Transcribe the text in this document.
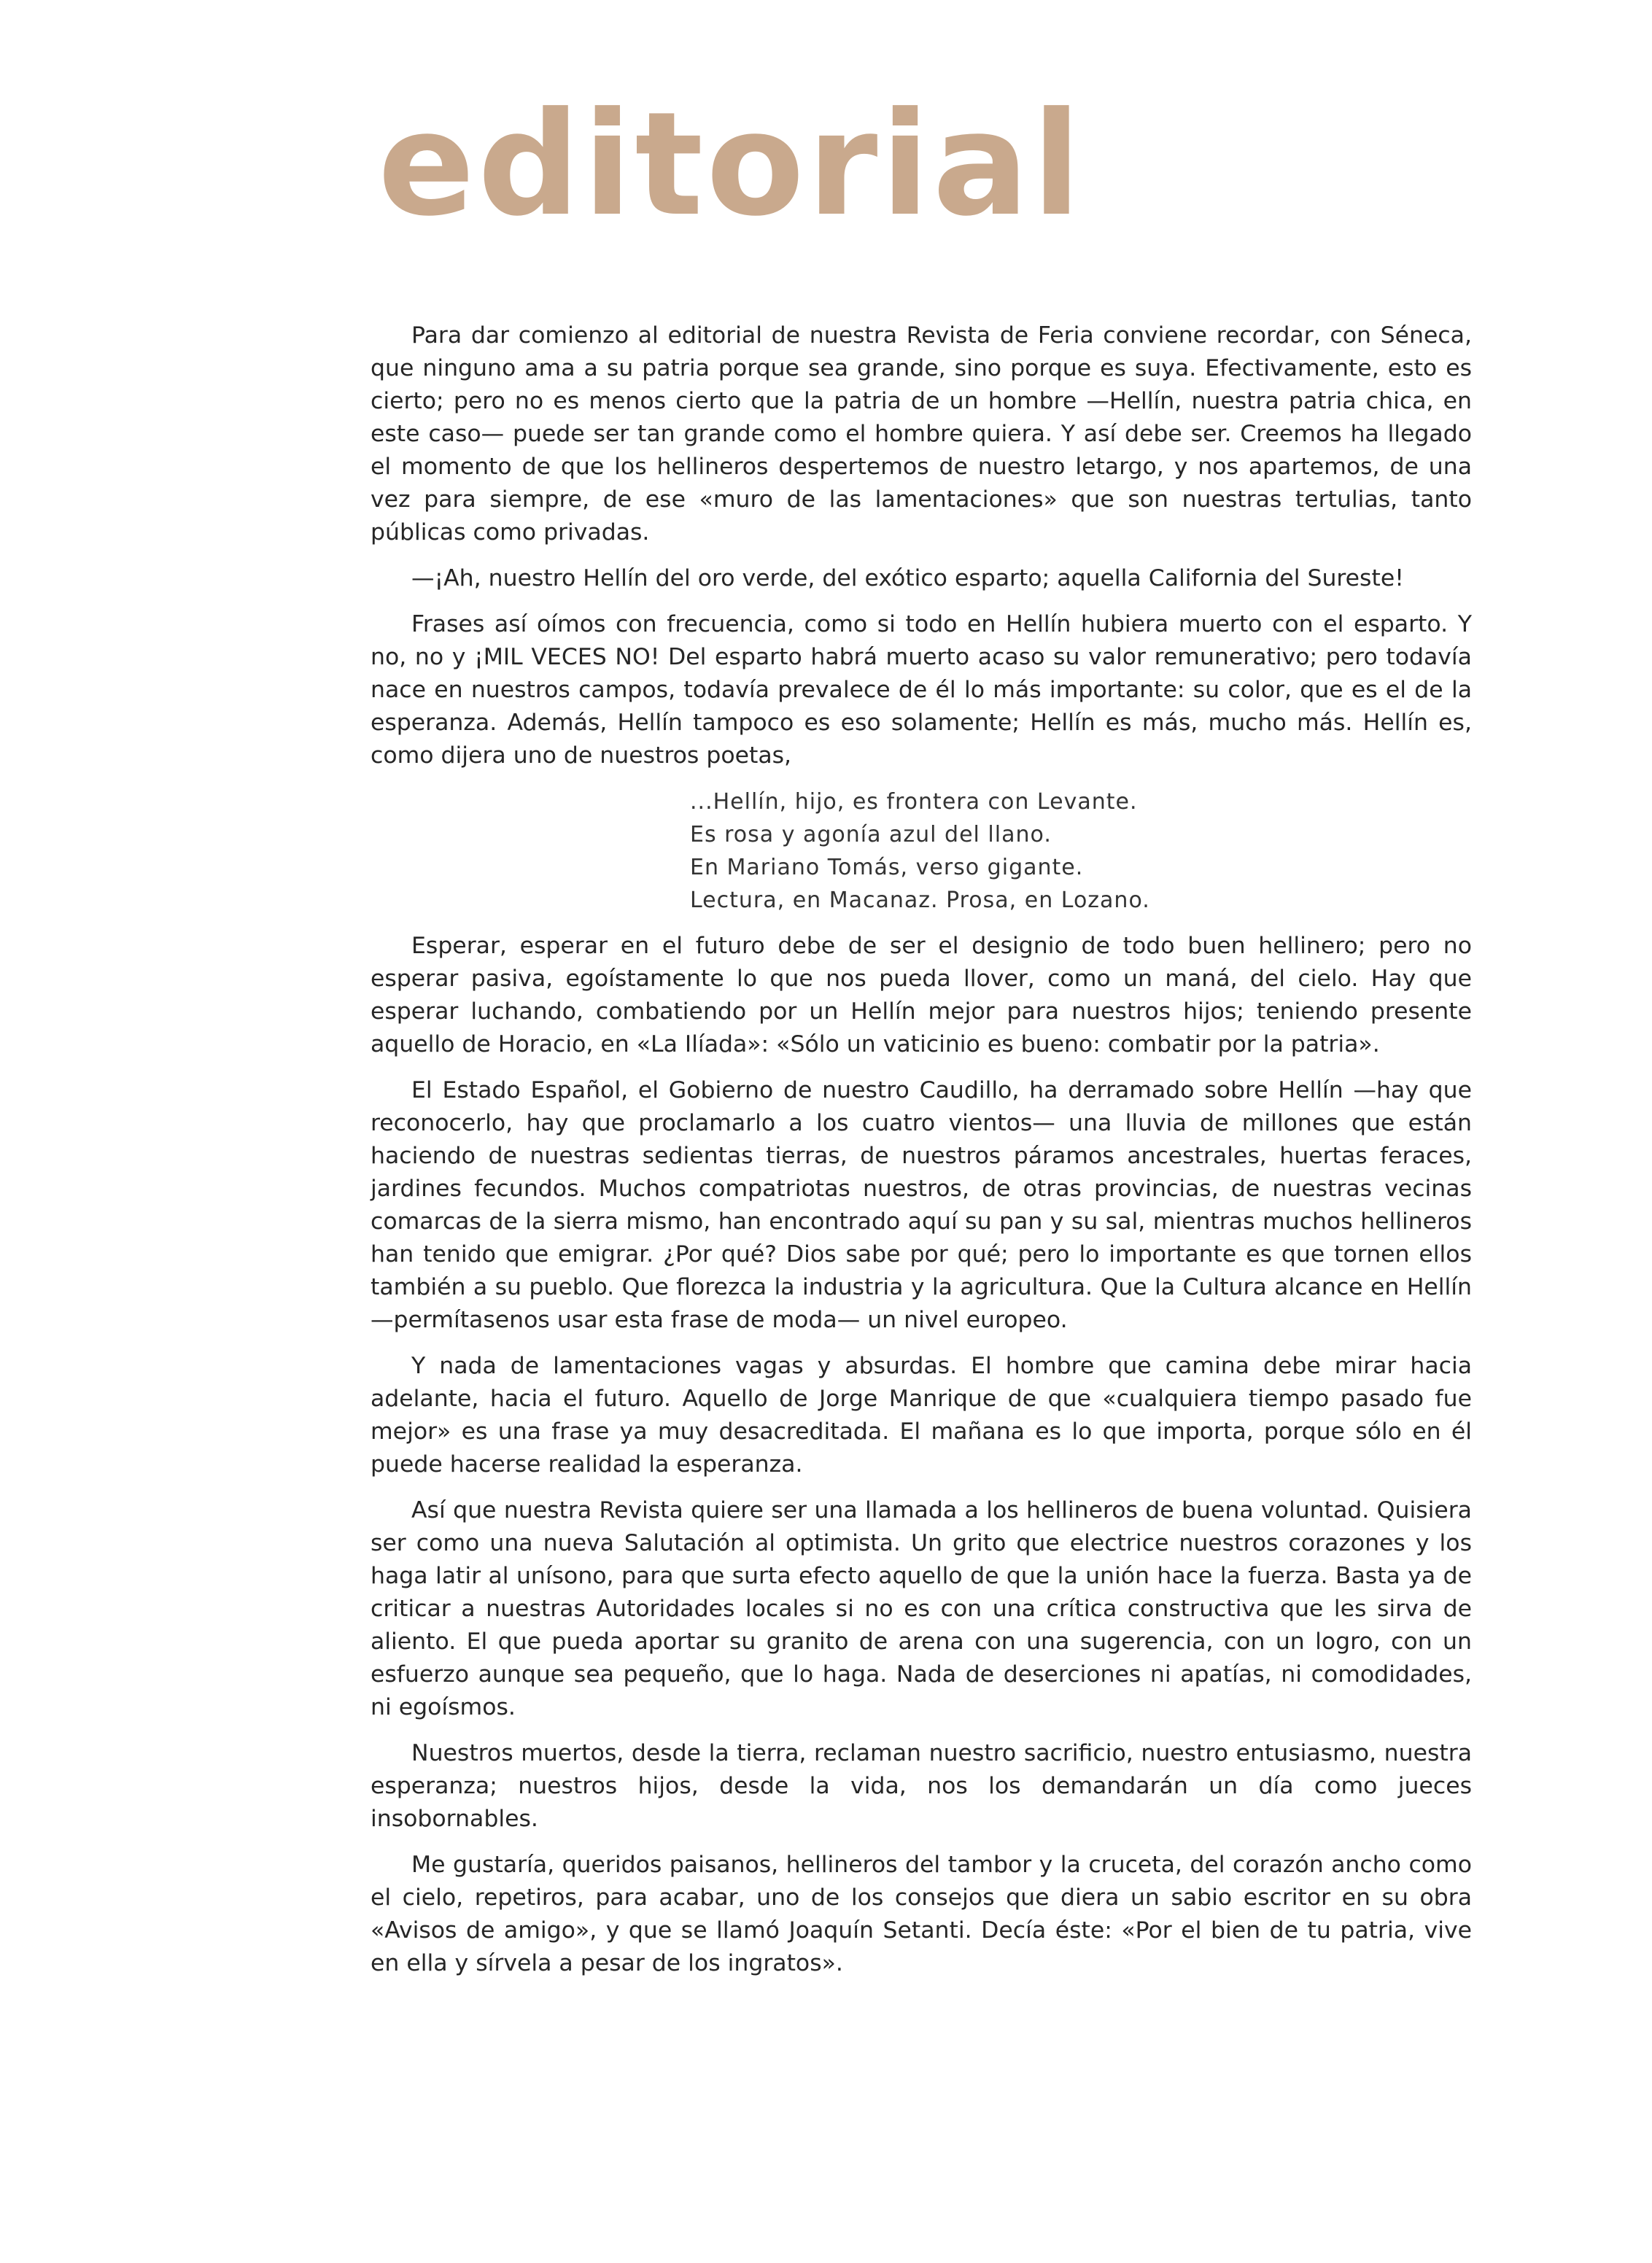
editorial

Para dar comienzo al editorial de nuestra Revista de Feria conviene recordar, con Séneca, que ninguno ama a su patria porque sea grande, sino porque es suya. Efectivamente, esto es cierto; pero no es menos cierto que la patria de un hombre —Hellín, nuestra patria chica, en este caso— puede ser tan grande como el hombre quiera. Y así debe ser. Creemos ha llegado el momento de que los hellineros despertemos de nuestro letargo, y nos apartemos, de una vez para siempre, de ese «muro de las lamentaciones» que son nuestras tertulias, tanto públicas como privadas.

—¡Ah, nuestro Hellín del oro verde, del exótico esparto; aquella California del Sureste!

Frases así oímos con frecuencia, como si todo en Hellín hubiera muerto con el esparto. Y no, no y ¡MIL VECES NO! Del esparto habrá muerto acaso su valor remunerativo; pero todavía nace en nuestros campos, todavía prevalece de él lo más importante: su color, que es el de la esperanza. Además, Hellín tampoco es eso solamente; Hellín es más, mucho más. Hellín es, como dijera uno de nuestros poetas,

...Hellín, hijo, es frontera con Levante.
Es rosa y agonía azul del llano.
En Mariano Tomás, verso gigante.
Lectura, en Macanaz. Prosa, en Lozano.

Esperar, esperar en el futuro debe de ser el designio de todo buen hellinero; pero no esperar pasiva, egoístamente lo que nos pueda llover, como un maná, del cielo. Hay que esperar luchando, combatiendo por un Hellín mejor para nuestros hijos; teniendo presente aquello de Horacio, en «La Ilíada»: «Sólo un vaticinio es bueno: combatir por la patria».

El Estado Español, el Gobierno de nuestro Caudillo, ha derramado sobre Hellín —hay que reconocerlo, hay que proclamarlo a los cuatro vientos— una lluvia de millones que están haciendo de nuestras sedientas tierras, de nuestros páramos ancestrales, huertas feraces, jardines fecundos. Muchos compatriotas nuestros, de otras provincias, de nuestras vecinas comarcas de la sierra mismo, han encontrado aquí su pan y su sal, mientras muchos hellineros han tenido que emigrar. ¿Por qué? Dios sabe por qué; pero lo importante es que tornen ellos también a su pueblo. Que florezca la industria y la agricultura. Que la Cultura alcance en Hellín —permítasenos usar esta frase de moda— un nivel europeo.

Y nada de lamentaciones vagas y absurdas. El hombre que camina debe mirar hacia adelante, hacia el futuro. Aquello de Jorge Manrique de que «cualquiera tiempo pasado fue mejor» es una frase ya muy desacreditada. El mañana es lo que importa, porque sólo en él puede hacerse realidad la esperanza.

Así que nuestra Revista quiere ser una llamada a los hellineros de buena voluntad. Quisiera ser como una nueva Salutación al optimista. Un grito que electrice nuestros corazones y los haga latir al unísono, para que surta efecto aquello de que la unión hace la fuerza. Basta ya de criticar a nuestras Autoridades locales si no es con una crítica constructiva que les sirva de aliento. El que pueda aportar su granito de arena con una sugerencia, con un logro, con un esfuerzo aunque sea pequeño, que lo haga. Nada de deserciones ni apatías, ni comodidades, ni egoísmos.

Nuestros muertos, desde la tierra, reclaman nuestro sacrificio, nuestro entusiasmo, nuestra esperanza; nuestros hijos, desde la vida, nos los demandarán un día como jueces insobornables.

Me gustaría, queridos paisanos, hellineros del tambor y la cruceta, del corazón ancho como el cielo, repetiros, para acabar, uno de los consejos que diera un sabio escritor en su obra «Avisos de amigo», y que se llamó Joaquín Setanti. Decía éste: «Por el bien de tu patria, vive en ella y sírvela a pesar de los ingratos».
